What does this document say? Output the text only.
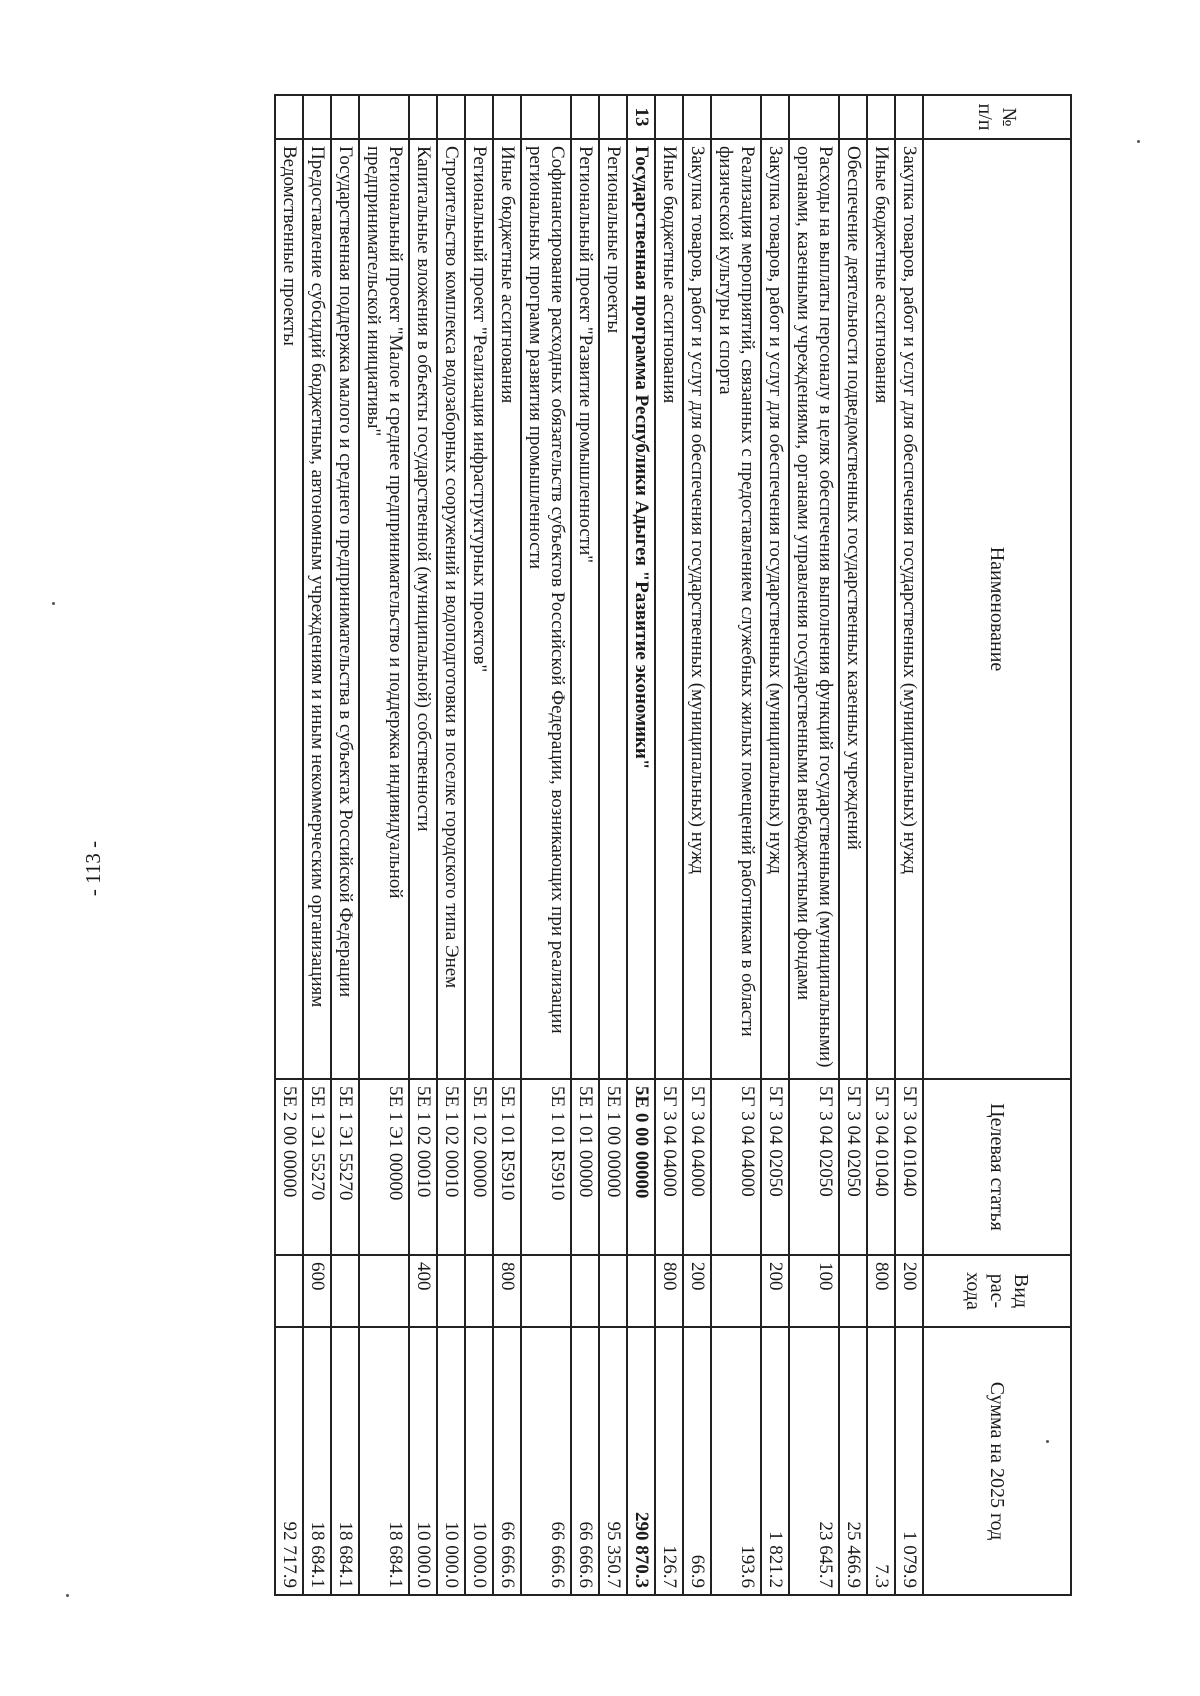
- 113 -
№ п/п	Наименование	Целевая статья	Вид рас- хода	Сумма на 2025 год
	Закупка товаров, работ и услуг для обеспечения государственных (муниципальных) нужд	5Г 3 04 01040	200	1 079.9
	Иные бюджетные ассигнования	5Г 3 04 01040	800	7.3
	Обеспечение деятельности подведомственных государственных казенных учреждений	5Г 3 04 02050		25 466.9
	Расходы на выплаты персоналу в целях обеспечения выполнения функций государственными (муниципальными) органами, казенными учреждениями, органами управления государственными внебюджетными фондами	5Г 3 04 02050	100	23 645.7
	Закупка товаров, работ и услуг для обеспечения государственных (муниципальных) нужд	5Г 3 04 02050	200	1 821.2
	Реализация мероприятий, связанных с предоставлением служебных жилых помещений работникам в области физической культуры и спорта	5Г 3 04 04000		193.6
	Закупка товаров, работ и услуг для обеспечения государственных (муниципальных) нужд	5Г 3 04 04000	200	66.9
	Иные бюджетные ассигнования	5Г 3 04 04000	800	126.7
13	Государственная программа Республики Адыгея "Развитие экономики"	5Е 0 00 00000		290 870.3
	Региональные проекты	5Е 1 00 00000		95 350.7
	Региональный проект "Развитие промышленности"	5Е 1 01 00000		66 666.6
	Софинансирование расходных обязательств субъектов Российской Федерации, возникающих при реализации региональных программ развития промышленности	5Е 1 01 R5910		66 666.6
	Иные бюджетные ассигнования	5Е 1 01 R5910	800	66 666.6
	Региональный проект "Реализация инфраструктурных проектов"	5Е 1 02 00000		10 000.0
	Строительство комплекса водозаборных сооружений и водоподготовки в поселке городского типа Энем	5Е 1 02 00010		10 000.0
	Капитальные вложения в объекты государственной (муниципальной) собственности	5Е 1 02 00010	400	10 000.0
	Региональный проект "Малое и среднее предпринимательство и поддержка индивидуальной предпринимательской инициативы"	5Е 1 Э1 00000		18 684.1
	Государственная поддержка малого и среднего предпринимательства в субъектах Российской Федерации	5Е 1 Э1 55270		18 684.1
	Предоставление субсидий бюджетным, автономным учреждениям и иным некоммерческим организациям	5Е 1 Э1 55270	600	18 684.1
	Ведомственные проекты	5Е 2 00 00000		92 717.9
